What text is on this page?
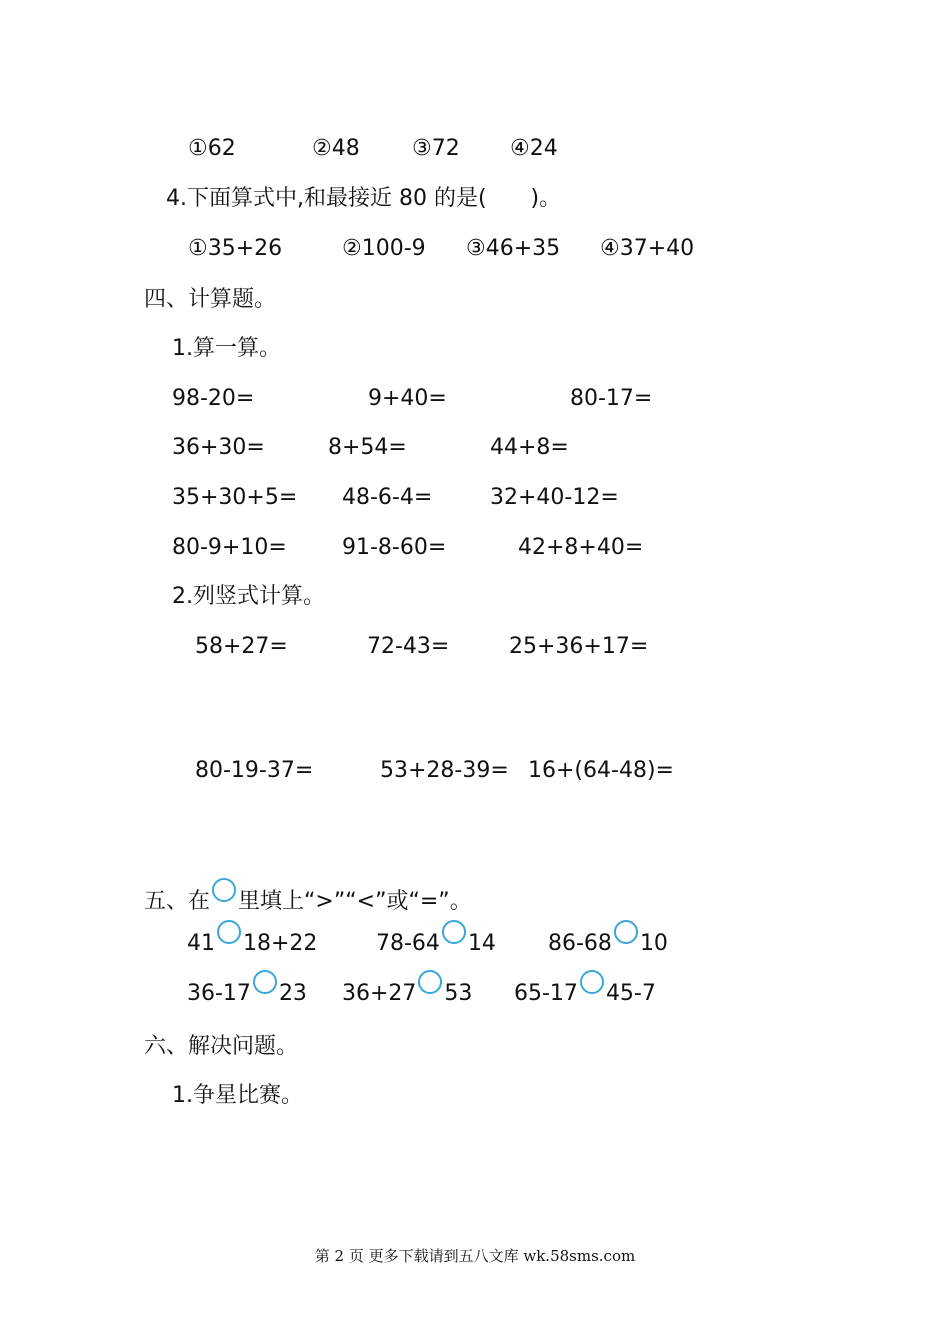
①62	②48 ③72 ④24
4.下面算式中,和最接近 80 的是(　　)。
①35+26	②100-9 ③46+35 ④37+40
四、计算题。
1.算一算。
98-20=	9+40=	80-17=
36+30=	8+54=	44+8=
35+30+5= 48-6-4=	32+40-12=
80-9+10=	91-8-60=	42+8+40=
2.列竖式计算。
58+27=	72-43=	25+36+17=
80-19-37=	53+28-39= 16+(64-48)=
五、在 里填上“>”“<”或“=”。
41 18+22	78-64 14 86-68 10
36-17 23 36+27 53 65-17 45-7
六、解决问题。
1.争星比赛。
第 2 页 更多下载请到五八文库 wk.58sms.com
